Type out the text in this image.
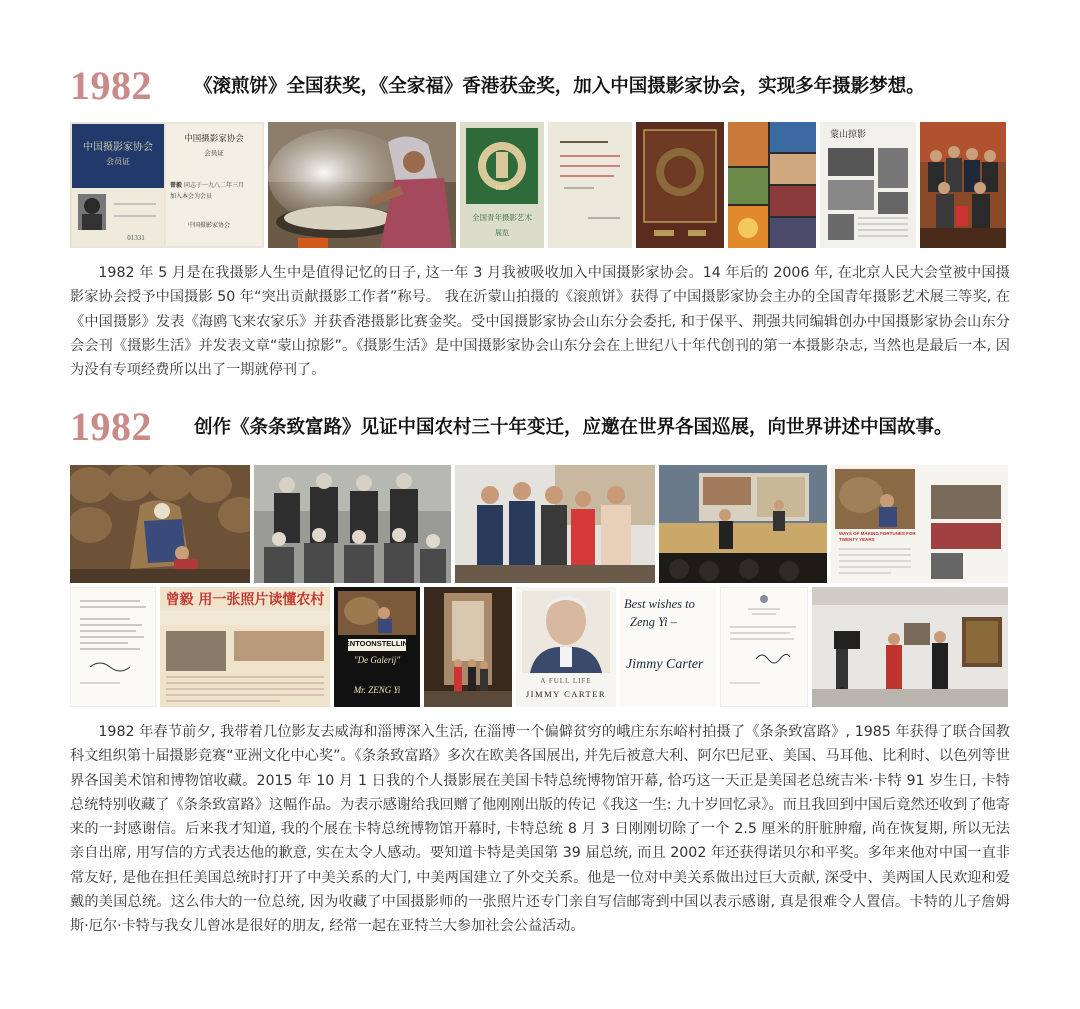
1982 《滚煎饼》全国获奖，《全家福》香港获金奖，加入中国摄影家协会，实现多年摄影梦想。
中国摄影家协会
会员证
01331
中国摄影家协会
会员证
曾毅 同志于一九八二年三月
加入本会为会员

中国摄影家协会
1982
全国青年摄影艺术
展览
蒙山掠影

1982 年 5 月是在我摄影人生中是值得记忆的日子, 这一年 3 月我被吸收加入中国摄影家协会。14 年后的 2006 年, 在北京人民大会堂被中国摄影家协会授予中国摄影 50 年“突出贡献摄影工作者”称号。 我在沂蒙山拍摄的《滚煎饼》获得了中国摄影家协会主办的全国青年摄影艺术展三等奖, 在《中国摄影》发表《海鸥飞来农家乐》并获香港摄影比赛金奖。受中国摄影家协会山东分会委托, 和于保平、荆强共同编辑创办中国摄影家协会山东分会会刊《摄影生活》并发表文章“蒙山掠影”。《摄影生活》是中国摄影家协会山东分会在上世纪八十年代创刊的第一本摄影杂志, 当然也是最后一本, 因为没有专项经费所以出了一期就停刊了。

1982 创作《条条致富路》见证中国农村三十年变迁，应邀在世界各国巡展，向世界讲述中国故事。
WAYS OF MAKING FORTUNES FOR TWENTY YEARS
曾毅 用一张照片读懂农村
TENTOONSTELLING
"De Galerij"
Mr. ZENG Yi
A FULL LIFE
JIMMY CARTER
Best wishes to
Zeng Yi –
Jimmy Carter

1982 年春节前夕, 我带着几位影友去威海和淄博深入生活, 在淄博一个偏僻贫穷的峨庄东东峪村拍摄了《条条致富路》, 1985 年获得了联合国教科文组织第十届摄影竞赛“亚洲文化中心奖”。《条条致富路》多次在欧美各国展出, 并先后被意大利、阿尔巴尼亚、美国、马耳他、比利时、以色列等世界各国美术馆和博物馆收藏。2015 年 10 月 1 日我的个人摄影展在美国卡特总统博物馆开幕, 恰巧这一天正是美国老总统吉米·卡特 91 岁生日, 卡特总统特别收藏了《条条致富路》这幅作品。为表示感谢给我回赠了他刚刚出版的传记《我这一生: 九十岁回忆录》。而且我回到中国后竟然还收到了他寄来的一封感谢信。后来我才知道, 我的个展在卡特总统博物馆开幕时, 卡特总统 8 月 3 日刚刚切除了一个 2.5 厘米的肝脏肿瘤, 尚在恢复期, 所以无法亲自出席, 用写信的方式表达他的歉意, 实在太令人感动。要知道卡特是美国第 39 届总统, 而且 2002 年还获得诺贝尔和平奖。多年来他对中国一直非常友好, 是他在担任美国总统时打开了中美关系的大门, 中美两国建立了外交关系。他是一位对中美关系做出过巨大贡献, 深受中、美两国人民欢迎和爱戴的美国总统。这么伟大的一位总统, 因为收藏了中国摄影师的一张照片还专门亲自写信邮寄到中国以表示感谢, 真是很难令人置信。卡特的儿子詹姆斯·厄尔·卡特与我女儿曾冰是很好的朋友, 经常一起在亚特兰大参加社会公益活动。
